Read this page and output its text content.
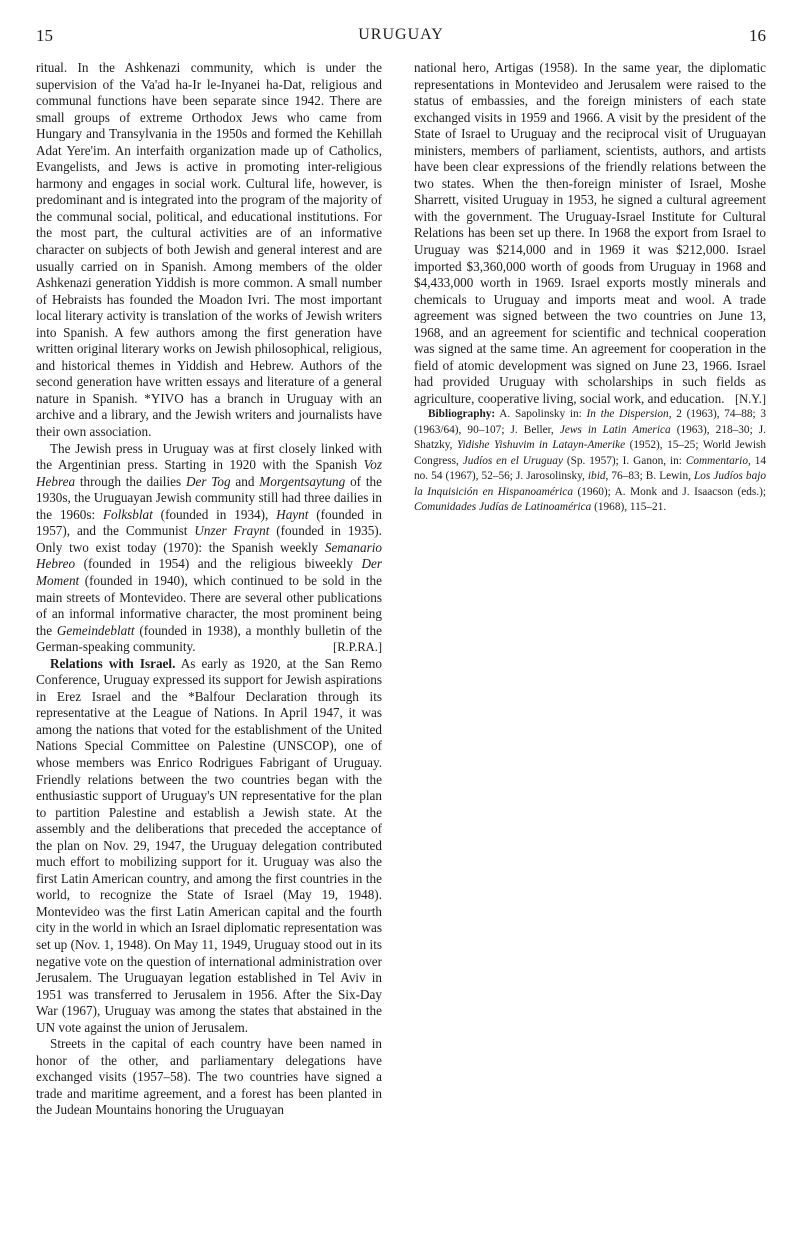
15	URUGUAY	16

ritual. In the Ashkenazi community, which is under the supervision of the Va'ad ha-Ir le-Inyanei ha-Dat, religious and communal functions have been separate since 1942. There are small groups of extreme Orthodox Jews who came from Hungary and Transylvania in the 1950s and formed the Kehillah Adat Yere'im. An interfaith organization made up of Catholics, Evangelists, and Jews is active in promoting inter-religious harmony and engages in social work. Cultural life, however, is predominant and is integrated into the program of the majority of the communal social, political, and educational institutions. For the most part, the cultural activities are of an informative character on subjects of both Jewish and general interest and are usually carried on in Spanish. Among members of the older Ashkenazi generation Yiddish is more common. A small number of Hebraists has founded the Moadon Ivri. The most important local literary activity is translation of the works of Jewish writers into Spanish. A few authors among the first generation have written original literary works on Jewish philosophical, religious, and historical themes in Yiddish and Hebrew. Authors of the second generation have written essays and literature of a general nature in Spanish. *YIVO has a branch in Uruguay with an archive and a library, and the Jewish writers and journalists have their own association.

The Jewish press in Uruguay was at first closely linked with the Argentinian press. Starting in 1920 with the Spanish Voz Hebrea through the dailies Der Tog and Morgentsaytung of the 1930s, the Uruguayan Jewish community still had three dailies in the 1960s: Folksblat (founded in 1934), Haynt (founded in 1957), and the Communist Unzer Fraynt (founded in 1935). Only two exist today (1970): the Spanish weekly Semanario Hebreo (founded in 1954) and the religious biweekly Der Moment (founded in 1940), which continued to be sold in the main streets of Montevideo. There are several other publications of an informal informative character, the most prominent being the Gemeindeblatt (founded in 1938), a monthly bulletin of the German-speaking community.	[R.P.RA.]

Relations with Israel. As early as 1920, at the San Remo Conference, Uruguay expressed its support for Jewish aspirations in Erez Israel and the *Balfour Declaration through its representative at the League of Nations. In April 1947, it was among the nations that voted for the establishment of the United Nations Special Committee on Palestine (UNSCOP), one of whose members was Enrico Rodrigues Fabrigant of Uruguay. Friendly relations between the two countries began with the enthusiastic support of Uruguay's UN representative for the plan to partition Palestine and establish a Jewish state. At the assembly and the deliberations that preceded the acceptance of the plan on Nov. 29, 1947, the Uruguay delegation contributed much effort to mobilizing support for it. Uruguay was also the first Latin American country, and among the first countries in the world, to recognize the State of Israel (May 19, 1948). Montevideo was the first Latin American capital and the fourth city in the world in which an Israel diplomatic representation was set up (Nov. 1, 1948). On May 11, 1949, Uruguay stood out in its negative vote on the question of international administration over Jerusalem. The Uruguayan legation established in Tel Aviv in 1951 was transferred to Jerusalem in 1956. After the Six-Day War (1967), Uruguay was among the states that abstained in the UN vote against the union of Jerusalem.

Streets in the capital of each country have been named in honor of the other, and parliamentary delegations have exchanged visits (1957–58). The two countries have signed a trade and maritime agreement, and a forest has been planted in the Judean Mountains honoring the Uruguayan

national hero, Artigas (1958). In the same year, the diplomatic representations in Montevideo and Jerusalem were raised to the status of embassies, and the foreign ministers of each state exchanged visits in 1959 and 1966. A visit by the president of the State of Israel to Uruguay and the reciprocal visit of Uruguayan ministers, members of parliament, scientists, authors, and artists have been clear expressions of the friendly relations between the two states. When the then-foreign minister of Israel, Moshe Sharrett, visited Uruguay in 1953, he signed a cultural agreement with the government. The Uruguay-Israel Institute for Cultural Relations has been set up there. In 1968 the export from Israel to Uruguay was $214,000 and in 1969 it was $212,000. Israel imported $3,360,000 worth of goods from Uruguay in 1968 and $4,433,000 worth in 1969. Israel exports mostly minerals and chemicals to Uruguay and imports meat and wool. A trade agreement was signed between the two countries on June 13, 1968, and an agreement for scientific and technical cooperation was signed at the same time. An agreement for cooperation in the field of atomic development was signed on June 23, 1966. Israel had provided Uruguay with scholarships in such fields as agriculture, cooperative living, social work, and education. [N.Y.]

Bibliography: A. Sapolinsky in: In the Dispersion, 2 (1963), 74–88; 3 (1963/64), 90–107; J. Beller, Jews in Latin America (1963), 218–30; J. Shatzky, Yidishe Yishuvim in Latayn-Amerike (1952), 15–25; World Jewish Congress, Judíos en el Uruguay (Sp. 1957); I. Ganon, in: Commentario, 14 no. 54 (1967), 52–56; J. Jarosolinsky, ibid, 76–83; B. Lewin, Los Judíos bajo la Inquisición en Hispanoamérica (1960); A. Monk and J. Isaacson (eds.); Comunidades Judías de Latinoamérica (1968), 115–21.
